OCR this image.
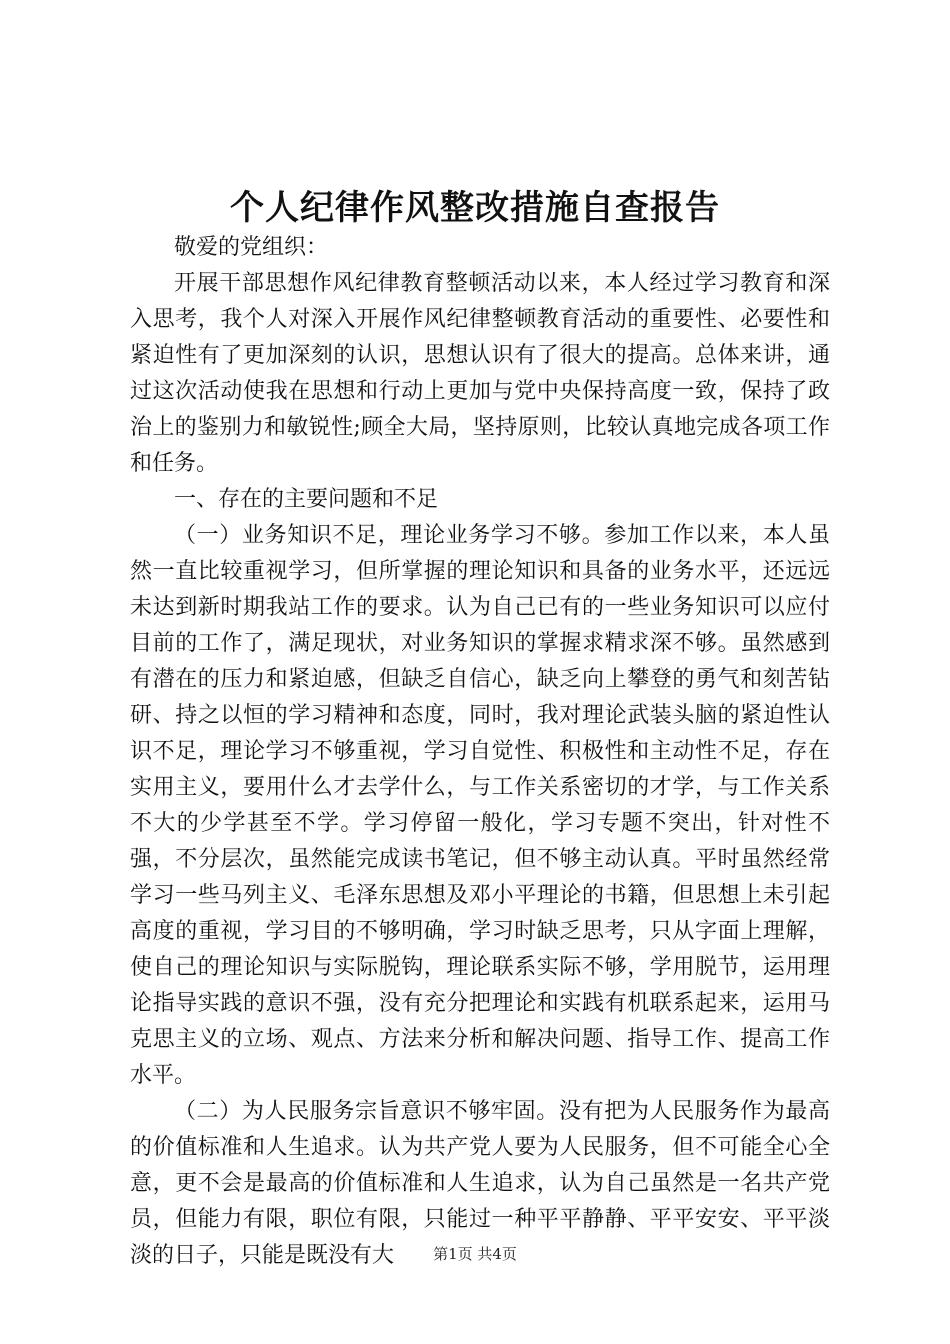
个人纪律作风整改措施自查报告

敬爱的党组织：

开展干部思想作风纪律教育整顿活动以来，本人经过学习教育和深入思考，我个人对深入开展作风纪律整顿教育活动的重要性、必要性和紧迫性有了更加深刻的认识，思想认识有了很大的提高。总体来讲，通过这次活动使我在思想和行动上更加与党中央保持高度一致，保持了政治上的鉴别力和敏锐性;顾全大局，坚持原则，比较认真地完成各项工作和任务。

一、存在的主要问题和不足

（一）业务知识不足，理论业务学习不够。参加工作以来，本人虽然一直比较重视学习，但所掌握的理论知识和具备的业务水平，还远远未达到新时期我站工作的要求。认为自己已有的一些业务知识可以应付目前的工作了，满足现状，对业务知识的掌握求精求深不够。虽然感到有潜在的压力和紧迫感，但缺乏自信心，缺乏向上攀登的勇气和刻苦钻研、持之以恒的学习精神和态度，同时，我对理论武装头脑的紧迫性认识不足，理论学习不够重视，学习自觉性、积极性和主动性不足，存在实用主义，要用什么才去学什么，与工作关系密切的才学，与工作关系不大的少学甚至不学。学习停留一般化，学习专题不突出，针对性不强，不分层次，虽然能完成读书笔记，但不够主动认真。平时虽然经常学习一些马列主义、毛泽东思想及邓小平理论的书籍，但思想上未引起高度的重视，学习目的不够明确，学习时缺乏思考，只从字面上理解，使自己的理论知识与实际脱钩，理论联系实际不够，学用脱节，运用理论指导实践的意识不强，没有充分把理论和实践有机联系起来，运用马克思主义的立场、观点、方法来分析和解决问题、指导工作、提高工作水平。

（二）为人民服务宗旨意识不够牢固。没有把为人民服务作为最高的价值标准和人生追求。认为共产党人要为人民服务，但不可能全心全意，更不会是最高的价值标准和人生追求，认为自己虽然是一名共产党员，但能力有限，职位有限，只能过一种平平静静、平平安安、平平淡淡的日子，只能是既没有大	第1页 共4页
